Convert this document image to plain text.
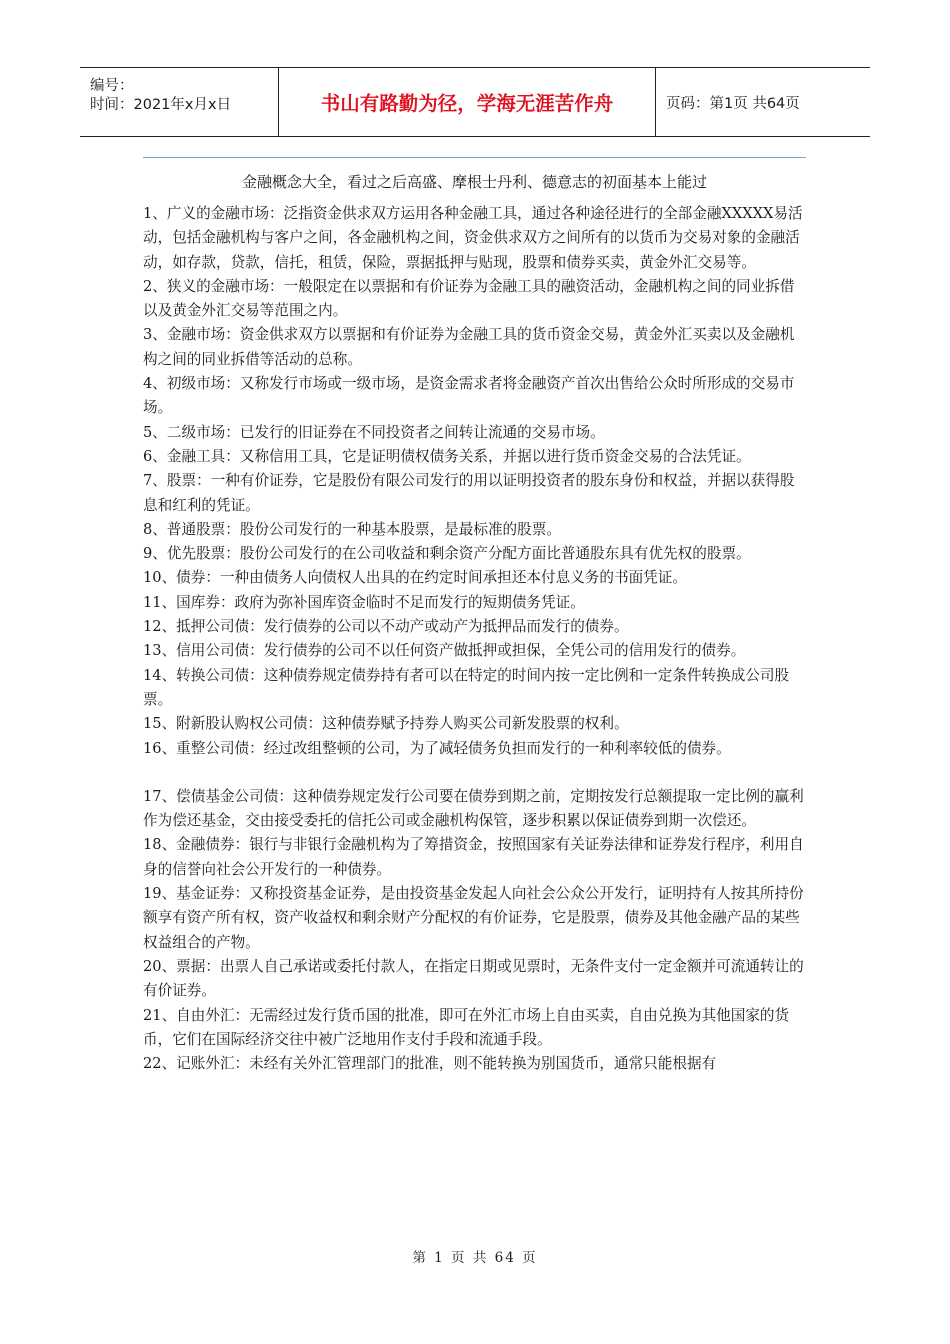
编号：
时间：2021年x月x日	书山有路勤为径，学海无涯苦作舟	页码：第1页 共64页
金融概念大全，看过之后高盛、摩根士丹利、德意志的初面基本上能过

1、广义的金融市场：泛指资金供求双方运用各种金融工具，通过各种途径进行的全部金融XXXXX易活动，包括金融机构与客户之间，各金融机构之间，资金供求双方之间所有的以货币为交易对象的金融活动，如存款，贷款，信托，租赁，保险，票据抵押与贴现，股票和债券买卖，黄金外汇交易等。

2、狭义的金融市场：一般限定在以票据和有价证券为金融工具的融资活动，金融机构之间的同业拆借以及黄金外汇交易等范围之内。

3、金融市场：资金供求双方以票据和有价证券为金融工具的货币资金交易，黄金外汇买卖以及金融机构之间的同业拆借等活动的总称。

4、初级市场：又称发行市场或一级市场，是资金需求者将金融资产首次出售给公众时所形成的交易市场。

5、二级市场：已发行的旧证券在不同投资者之间转让流通的交易市场。

6、金融工具：又称信用工具，它是证明债权债务关系，并据以进行货币资金交易的合法凭证。

7、股票：一种有价证券，它是股份有限公司发行的用以证明投资者的股东身份和权益，并据以获得股息和红利的凭证。

8、普通股票：股份公司发行的一种基本股票，是最标准的股票。

9、优先股票：股份公司发行的在公司收益和剩余资产分配方面比普通股东具有优先权的股票。

10、债券：一种由债务人向债权人出具的在约定时间承担还本付息义务的书面凭证。

11、国库券：政府为弥补国库资金临时不足而发行的短期债务凭证。

12、抵押公司债：发行债券的公司以不动产或动产为抵押品而发行的债券。

13、信用公司债：发行债券的公司不以任何资产做抵押或担保，全凭公司的信用发行的债券。

14、转换公司债：这种债券规定债券持有者可以在特定的时间内按一定比例和一定条件转换成公司股票。

15、附新股认购权公司债：这种债券赋予持券人购买公司新发股票的权利。

16、重整公司债：经过改组整顿的公司，为了减轻债务负担而发行的一种利率较低的债券。

17、偿债基金公司债：这种债券规定发行公司要在债券到期之前，定期按发行总额提取一定比例的赢利作为偿还基金，交由接受委托的信托公司或金融机构保管，逐步积累以保证债券到期一次偿还。

18、金融债券：银行与非银行金融机构为了筹措资金，按照国家有关证券法律和证券发行程序，利用自身的信誉向社会公开发行的一种债券。

19、基金证券：又称投资基金证券，是由投资基金发起人向社会公众公开发行，证明持有人按其所持份额享有资产所有权，资产收益权和剩余财产分配权的有价证券，它是股票，债券及其他金融产品的某些权益组合的产物。

20、票据：出票人自己承诺或委托付款人，在指定日期或见票时，无条件支付一定金额并可流通转让的有价证券。

21、自由外汇：无需经过发行货币国的批准，即可在外汇市场上自由买卖，自由兑换为其他国家的货币，它们在国际经济交往中被广泛地用作支付手段和流通手段。

22、记账外汇：未经有关外汇管理部门的批准，则不能转换为别国货币，通常只能根据有

第 1 页 共 64 页
